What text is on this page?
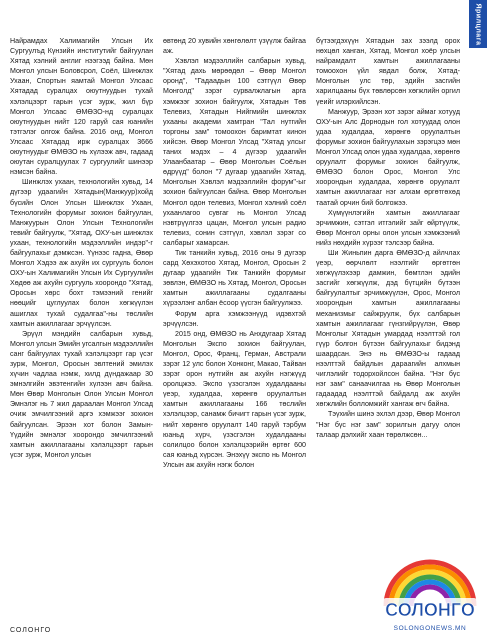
Найрамдах Халимагийн Улсын Их Сургуулъд Күнзийн институтийг байгуулан Хятад хэлний англиг нээгээд байна. Мөн Монгол улсын Боловсрол, Соёл, Шинжлэх Ухаан, Спортын яамтай Монгол Улсаас Хятадад суралцах оюутнуудын тухай хэлэлцээрт гарын үсэг зурж, жил бүр Монгол Улсаас ӨМӨЗО-нд суралцах оюутнуудын нийт 120 гаруй сая юанийн тэтгэлэг олгож байна. 2016 онд, Монгол Улсаас Хятадад ирж суралцах 3666 оюутнуудыг ӨМӨЗО нь хүлээж авч, гадаад оюутан суралцуулах 7 сургуулийг шинээр нэмсэн байна.

Шинжлэх ухаан, технологийн хувьд, 14 дүгээр удаагийн Хятадын(Манжуур)хойд бүсийн Олон Улсын Шинжлэх Ухаан, Технологийн форумыг зохион байгуулан, Манжуурын Олон Улсын Технологийн тевийг байгуулж, "Хятад, ОХУ-ын шинжлэх ухаан, технологийн мэдээллийн индэр"-г байгуулахыг дэмжсэн. Үүнээс гадна, Өвөр Монгол Хэдээ аж ахуйн их сургууль болон ОХУ-ын Халимагийн Улсын Их Сургуулийн Хөдөө аж ахуйн сургууль хоорондо "Хятад, Оросын хөрс бохт тэмээний генийг нөөцийг цуглуулах болон хөгжүүлэн ашиглах тухай судалгаа"-ны төслийн хамтын ажиллагааг эрчүүлсэн.

Эрүүл мэндийн салбарын хувьд, Монгол улсын Эмийн угсалгын мэдээллийн санг байгуулах тухай хэлэлцээрт гар үсэг зурж, Монгол, Оросын эвлтений эмилэх хүчин чадлаа нэмж, хилд дүндажаар 30 эмнэлгийн эвэтенгийн хүлээн авч байна. Мөн Өвөр Монголын Олон Улсын Монгол Эмнэлэг нь 7 жил дараалан Монгол Улсад очиж эмчилгээний аргэ хэмжээг зохион байгуулсан. Эрээн хот болон Замын-Үүдийн эмнэлэг хоорондо эмчилгээний хамтын ажиллагааны хэлэлцээрт гарын үсэг зурж, Монгол улсын

өвтөнд 20 хувийн хөнгөлөлт үзүүлж байгаа аж.

Хэвлэл мэдээллийн салбарын хувьд, "Хятад дахь мөрөөдөл – Өвөр Монгол оронд", "Гадаадын 100 сэтгүүл Өвөр Монголд" зэрэг сурвалжлагын арга хэмжээг зохион байгуулж, Хятадын Төв Телевиз, Хятадын Нийгмийн шинжлэх ухааны академи хамтран "Тал нутгийн торгоны зам" томоохон баримтат кинон хийсэн. Өвөр Монгол Улсад "Хятад улсыг таних мэдэх – 4 дүгээр удаагийн Улаанбаатар – Өвөр Монголын Соёлын өдрүүд" болон "7 дугаар удаагийн Хятад, Монголын Хэвлэл мэдээллийн форум"-ыг зохион байгуулсан байна. Өвөр Монголын Монгол одон телевиз, Монгол хэлний соёл ухаанлагоо сувгаг нь Монгол Улсад нэвтрүүлгээ цацан, Монгол улсын радио телевиз, сонин сэтгүүл, хэвлэл зэрэг со салбарыг хамарсан.

Тик танкийн хувьд, 2016 оны 9 дугээр сард Хөхэхотоо Хятад, Монгол, Оросын 2 дугаар удаагийн Тик Танкийн форумыг зөвлэн, ӨМӨЗО нь Хятад, Монгол, Оросын хамтын ажиллагааны судалгааны хүрээлэнг албан ёсоор үүсгэн байгуулжээ.

Форум арга хэмжээнүүд идэвхтэй эрчүүлсэн.

2015 онд, ӨМӨЗО нь Анхдугаар Хятад Монголын Экспо зохион байгуулан, Монгол, Орос, Франц, Герман, Австрали зэрэг 12 улс болон Хонконг, Макао, Тайван зэрэг орон нутгийн аж ахуйн нэгжүүд оролцжээ. Экспо үзэсгэлэн худалдааны үеэр, худалдаа, хөрөнгө оруулалтын хамтын ажиллагааны 166 төслийн хэлэлцээр, санамж бичигт гарын үсэг зурж, нийт хөрөнгө оруулалт 140 гаруй тэрбум юаньд хүрч, үзэсгэлэн худалдааны солилцоо болон хэлэлцээрийн өртөг 600 сая юаньд хүрсэн. Энэхүү экспо нь Монгол Улсын аж ахуйн нэгж болон

бүтээгдэхүүн Хятадын зах зээлд орох нөхцөл ханган, Хятад, Монгол хоёр улсын найрамдалт хамтын ажиллагааны томоохон үйл явдал болж, Хятад-Монголын улс төр, эдийн засгийн харилцааны бүх төвлөрсөн хөгжлийн оргил үеийг илэрхийлсэн.

Манжуур, Эрээн хот зэрэг аймаг хотууд ОХУ-ын Алс Дорнодын гол хотуудад олон удаа худалдаа, хөрөнгө оруулалтын форумыг зохион байгуулахын зэрэгцээ мөн Монгол Улсад олон удаа худалдаа, хөрөнгө оруулалт форумыг зохион байгуулж, ӨМӨЗО болон Орос, Монгол Улс хоорондын худалдаа, хөрөнгө оруулалт хамтын ажиллагааг нэг алхам өргөтгөхөд таатай орчин бий болгожээ.

Хүмүүнлэгийн хамтын ажиллагааг эрчимжин, сэтгэл итгэлийг зайг өйртүүлж, Өвөр Монгол орны олон улсын хэмжээний нийз нөхдийн хүрээг тэлсээр байна.

Ши Жиньпин дарга ӨМӨЗО-д айлчлах үеэр, өөрчлөлт нээлтийг өргөтгөн хөгжүүлэхээр дамжин, бөмтлэн эдийн засгийг хөгжүүлж, дэд бүтцийн бүтээн байгуулалтыг эрчимжүүлэн, Орос, Монгол хоорондын хамтын ажиллагааны механизмыг сайжруулж, бүх салбарын хамтын ажиллагааг гүнзгийрүүлэн, Өвөр Монголыг Хятадын умардад нээлттэй гол гүүр болгон бүтээн байгуулахыг бидэнд шаардсан. Энэ нь ӨМӨЗО-ы гадаад нээлттэй байдлын дараагийн алхмын чиглэлийг тодорхойлсон байна. "Нэг бүс нэг зам" санаачилгаа нь Өвөр Монголын гадаадад нээлттэй байдалд аж ахуйн хөгжлийн болломжийг хангаж өгч байна.

Тэүхийн шинэ эхлэл дээр, Өвөр Монгол "Нэг бүс нэг зам" зорилгын дагуу олон талаар дэлхийг хаан төрөлжсөн...

Ярилцлага
СОЛОНГО
СОЛОНГО
SOLONGONEWS.MN
